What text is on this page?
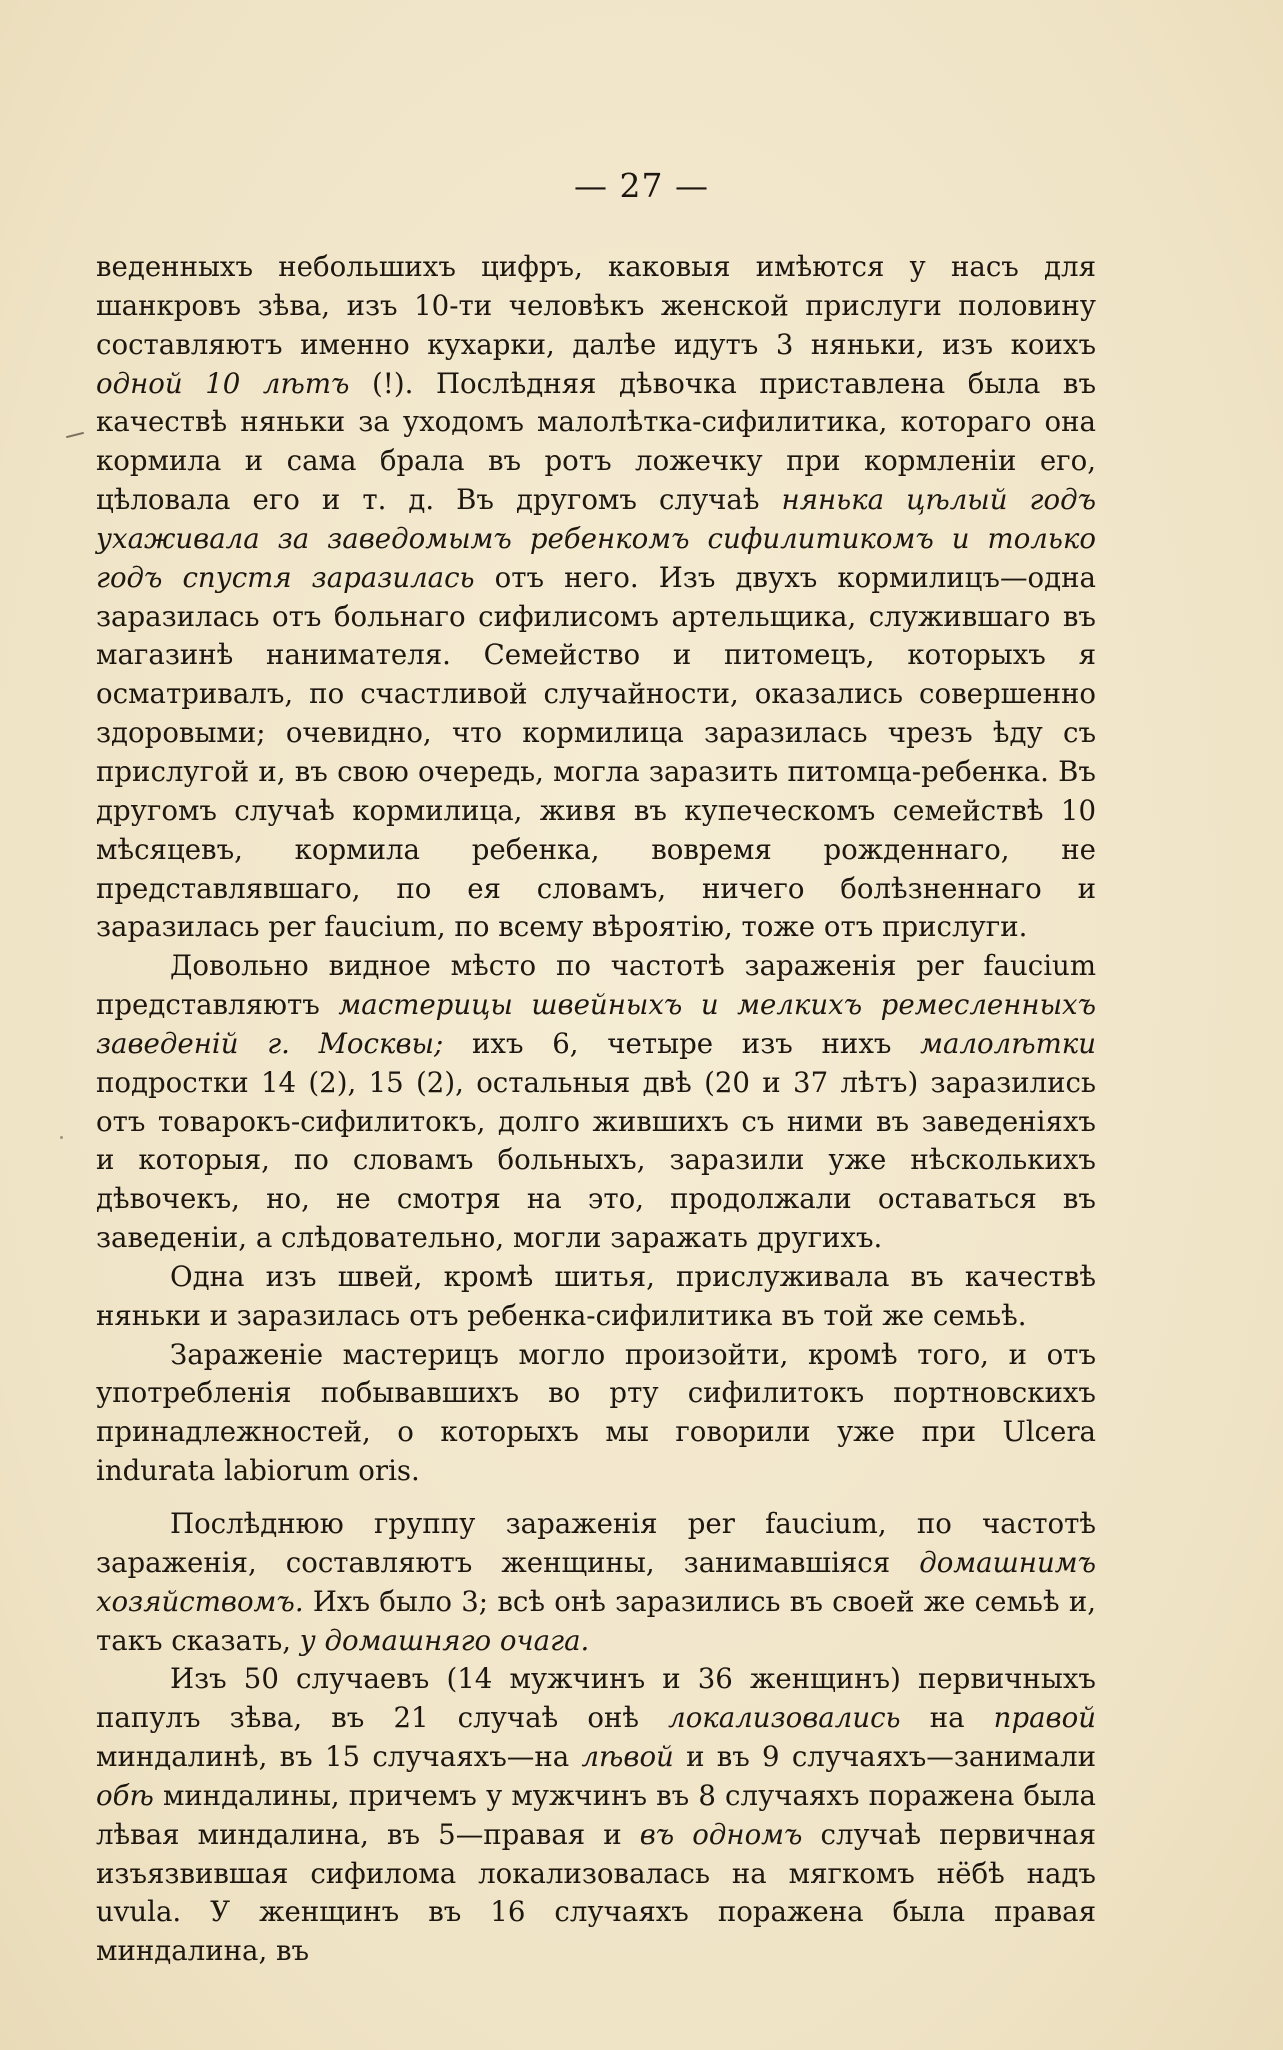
— 27 —

веденныхъ небольшихъ цифръ, каковыя имѣются у насъ для шанкровъ зѣва, изъ 10-ти человѣкъ женской прислуги половину составляютъ именно кухарки, далѣе идутъ 3 няньки, изъ коихъ одной 10 лѣтъ (!). Послѣдняя дѣвочка приставлена была въ качествѣ няньки за уходомъ малолѣтка-сифилитика, котораго она кормила и сама брала въ ротъ ложечку при кормленіи его, цѣловала его и т. д. Въ другомъ случаѣ нянька цѣлый годъ ухаживала за заведомымъ ребенкомъ сифилитикомъ и только годъ спустя заразилась отъ него. Изъ двухъ кормилицъ—одна заразилась отъ больнаго сифилисомъ артельщика, служившаго въ магазинѣ нанимателя. Семейство и питомецъ, которыхъ я осматривалъ, по счастливой случайности, оказались совершенно здоровыми; очевидно, что кормилица заразилась чрезъ ѣду съ прислугой и, въ свою очередь, могла заразить питомца-ребенка. Въ другомъ случаѣ кормилица, живя въ купеческомъ семействѣ 10 мѣсяцевъ, кормила ребенка, вовремя рожденнаго, не представлявшаго, по ея словамъ, ничего болѣзненнаго и заразилась per faucium, по всему вѣроятію, тоже отъ прислуги.

Довольно видное мѣсто по частотѣ зараженія per faucium представляютъ мастерицы швейныхъ и мелкихъ ремесленныхъ заведеній г. Москвы; ихъ 6, четыре изъ нихъ малолѣтки подростки 14 (2), 15 (2), остальныя двѣ (20 и 37 лѣтъ) заразились отъ товарокъ-сифилитокъ, долго жившихъ съ ними въ заведеніяхъ и которыя, по словамъ больныхъ, заразили уже нѣсколькихъ дѣвочекъ, но, не смотря на это, продолжали оставаться въ заведеніи, а слѣдовательно, могли заражать другихъ.

Одна изъ швей, кромѣ шитья, прислуживала въ качествѣ няньки и заразилась отъ ребенка-сифилитика въ той же семьѣ.

Зараженіе мастерицъ могло произойти, кромѣ того, и отъ употребленія побывавшихъ во рту сифилитокъ портновскихъ принадлежностей, о которыхъ мы говорили уже при Ulcera indurata labiorum oris.

Послѣднюю группу зараженія per faucium, по частотѣ зараженія, составляютъ женщины, занимавшіяся домашнимъ хозяйствомъ. Ихъ было 3; всѣ онѣ заразились въ своей же семьѣ и, такъ сказать, у домашняго очага.

Изъ 50 случаевъ (14 мужчинъ и 36 женщинъ) первичныхъ папулъ зѣва, въ 21 случаѣ онѣ локализовались на правой миндалинѣ, въ 15 случаяхъ—на лѣвой и въ 9 случаяхъ—занимали обѣ миндалины, причемъ у мужчинъ въ 8 случаяхъ поражена была лѣвая миндалина, въ 5—правая и въ одномъ случаѣ первичная изъязвившая сифилома локализовалась на мягкомъ нёбѣ надъ uvula. У женщинъ въ 16 случаяхъ поражена была правая миндалина, въ
